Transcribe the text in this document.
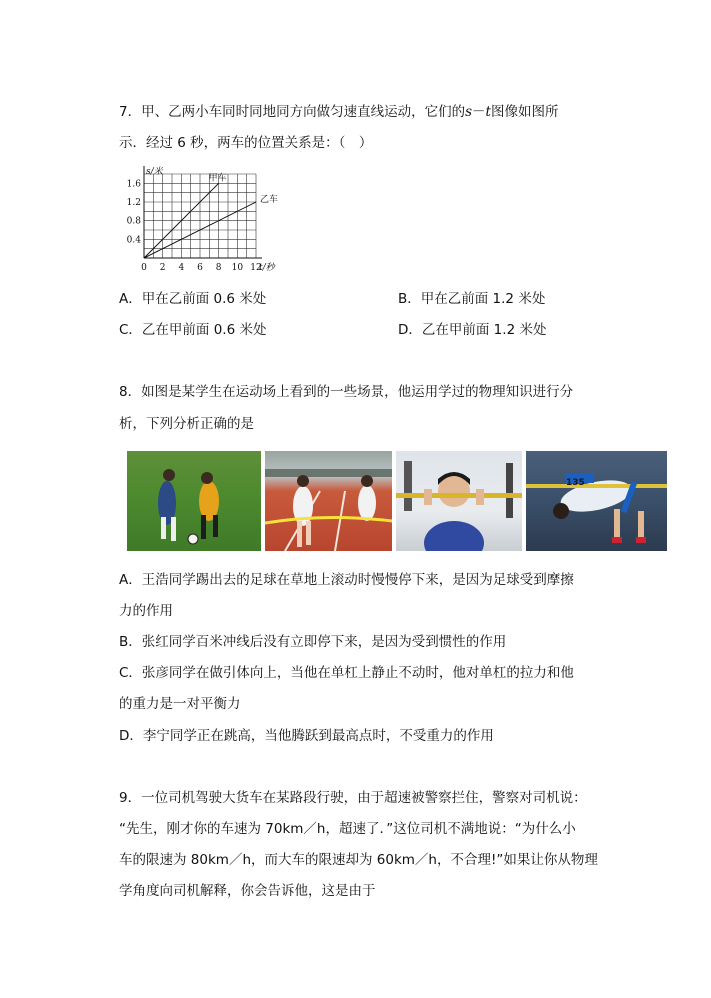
7．甲、乙两小车同时同地同方向做匀速直线运动，它们的s－t图像如图所
示．经过 6 秒，两车的位置关系是：（　）
甲车
乙车
0 2 4 6 8 10 12
0.4
0.8
1.2
1.6
s/米
t/秒
A．甲在乙前面 0.6 米处	B．甲在乙前面 1.2 米处
C．乙在甲前面 0.6 米处	D．乙在甲前面 1.2 米处
8．如图是某学生在运动场上看到的一些场景，他运用学过的物理知识进行分
析，下列分析正确的是
135
A．王浩同学踢出去的足球在草地上滚动时慢慢停下来，是因为足球受到摩擦
力的作用
B．张红同学百米冲线后没有立即停下来，是因为受到惯性的作用
C．张彦同学在做引体向上，当他在单杠上静止不动时，他对单杠的拉力和他
的重力是一对平衡力
D．李宁同学正在跳高，当他腾跃到最高点时，不受重力的作用
9．一位司机驾驶大货车在某路段行驶，由于超速被警察拦住，警察对司机说：
“先生，刚才你的车速为 70km／h，超速了．”这位司机不满地说：“为什么小
车的限速为 80km／h，而大车的限速却为 60km／h，不合理!”如果让你从物理
学角度向司机解释，你会告诉他，这是由于
